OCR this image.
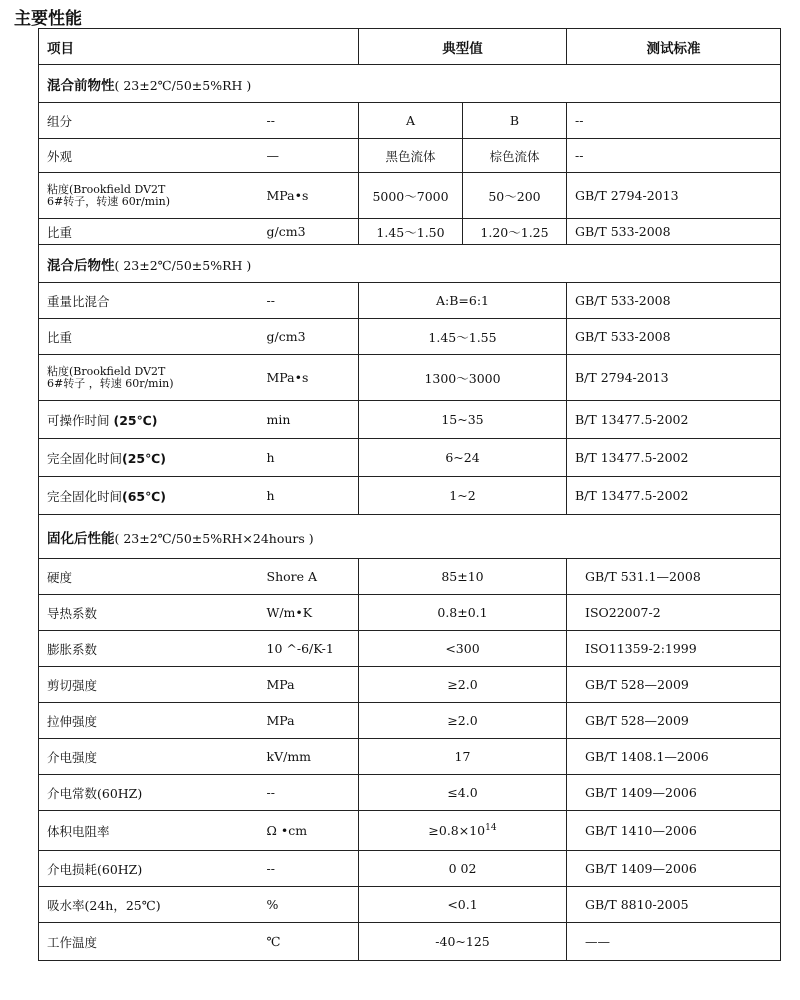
主要性能
项目		典型值		测试标准
混合前物性( 23±2℃/50±5%RH )				
组分	--	A	B	--
外观	—	黑色流体	棕色流体	--

粘度(Brookfield DV2T
6#转子，转速 60r/min)	MPa•s	5000～7000	50～200	GB/T 2794-2013
比重	g/cm3	1.45～1.50	1.20～1.25	GB/T 533-2008
混合后物性( 23±2℃/50±5%RH )				
重量比混合	--	A:B=6:1		GB/T 533-2008
比重	g/cm3	1.45～1.55		GB/T 533-2008

粘度(Brookfield DV2T
6#转子 ，转速 60r/min)	MPa•s	1300～3000		B/T 2794-2013
可操作时间 (25℃)	min	15~35		B/T 13477.5-2002
完全固化时间(25℃)	h	6~24		B/T 13477.5-2002
完全固化时间(65℃)	h	1~2		B/T 13477.5-2002
固化后性能( 23±2℃/50±5%RH×24hours )				
硬度	Shore A	85±10		GB/T 531.1—2008
导热系数	W/m•K	0.8±0.1		ISO22007-2
膨胀系数	10 ^-6/K-1	<300		ISO11359-2:1999
剪切强度	MPa	≥2.0		GB/T 528—2009
拉伸强度	MPa	≥2.0		GB/T 528—2009
介电强度	kV/mm	17		GB/T 1408.1—2006
介电常数(60HZ)	--	≤4.0		GB/T 1409—2006
体积电阻率	Ω •cm	$\ge 0.8\times 10^{14}$		GB/T 1410—2006
介电损耗(60HZ)	--	0 02		GB/T 1409—2006
吸水率(24h，25℃)	%	<0.1		GB/T 8810-2005
工作温度	℃	-40~125		——
